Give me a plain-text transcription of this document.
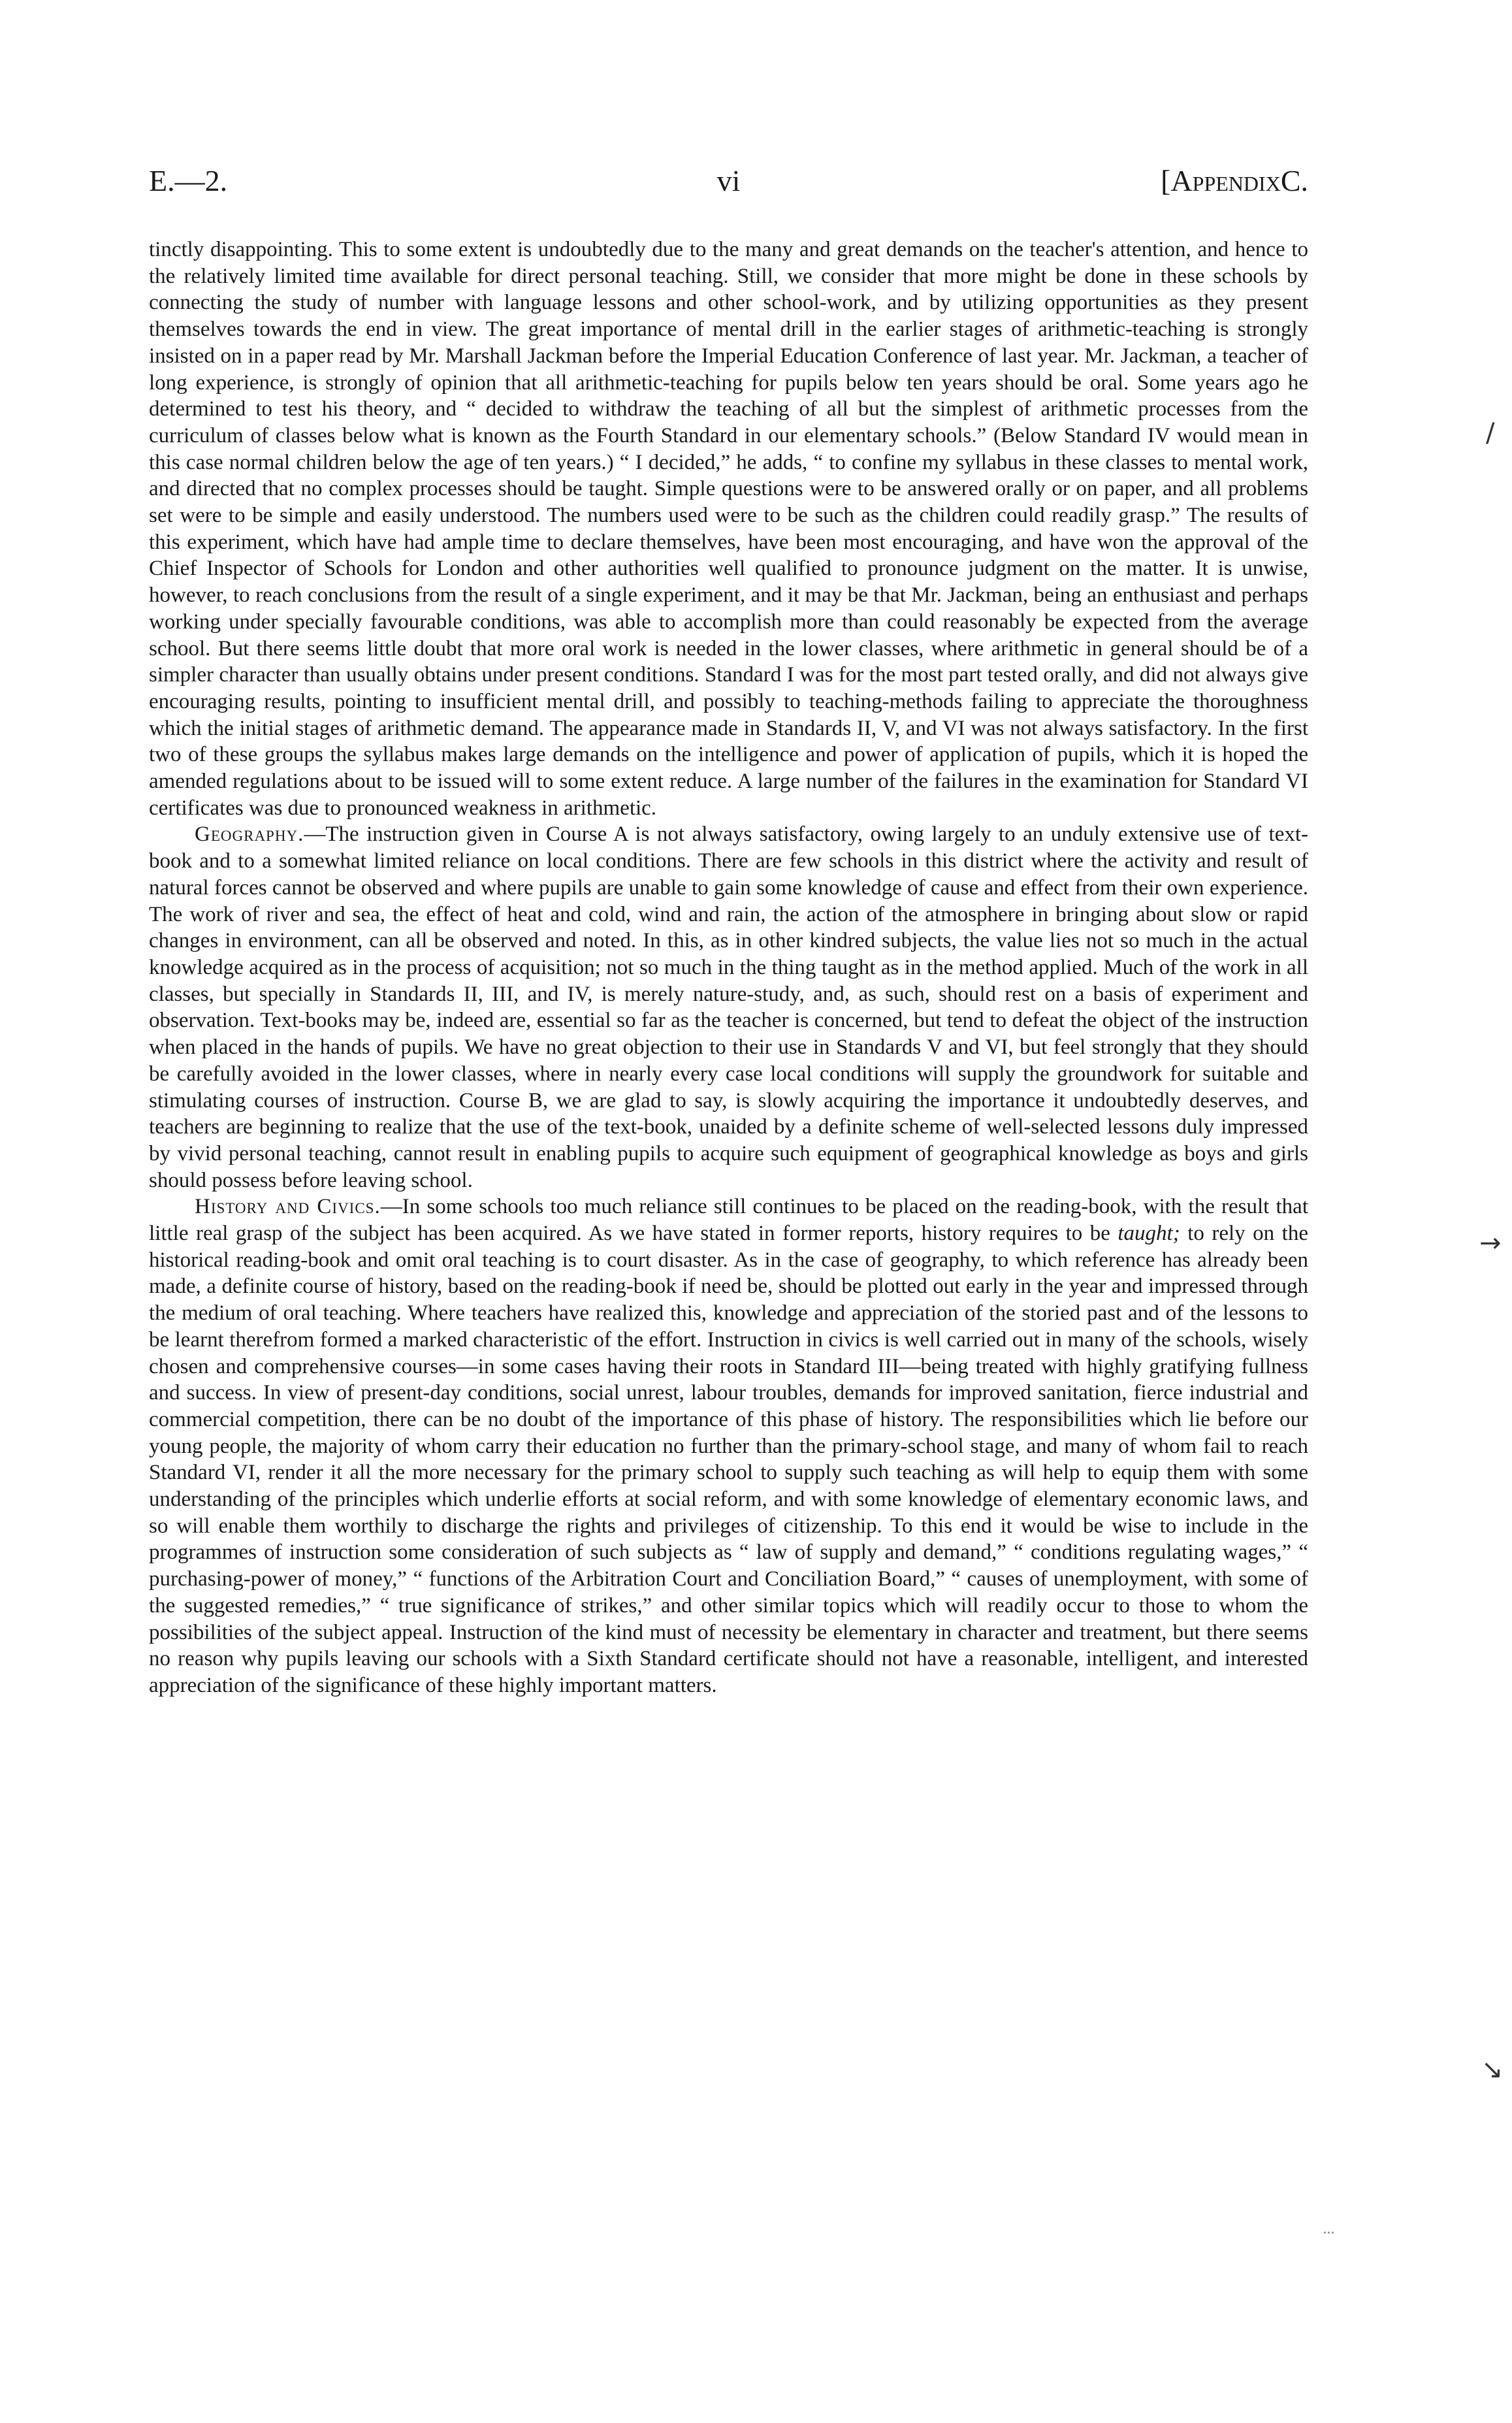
E.—2.	vi	[AppendixC.

tinctly disappointing. This to some extent is undoubtedly due to the many and great demands on the teacher's attention, and hence to the relatively limited time available for direct personal teaching. Still, we consider that more might be done in these schools by connecting the study of number with language lessons and other school-work, and by utilizing opportunities as they present themselves towards the end in view. The great importance of mental drill in the earlier stages of arithmetic-teaching is strongly insisted on in a paper read by Mr. Marshall Jackman before the Imperial Education Conference of last year. Mr. Jackman, a teacher of long experience, is strongly of opinion that all arithmetic-teaching for pupils below ten years should be oral. Some years ago he determined to test his theory, and “ decided to withdraw the teaching of all but the simplest of arithmetic processes from the curriculum of classes below what is known as the Fourth Standard in our elementary schools.” (Below Standard IV would mean in this case normal children below the age of ten years.) “ I decided,” he adds, “ to confine my syllabus in these classes to mental work, and directed that no complex processes should be taught. Simple questions were to be answered orally or on paper, and all problems set were to be simple and easily understood. The numbers used were to be such as the children could readily grasp.” The results of this experiment, which have had ample time to declare themselves, have been most encouraging, and have won the approval of the Chief Inspector of Schools for London and other authorities well qualified to pronounce judgment on the matter. It is unwise, however, to reach conclusions from the result of a single experiment, and it may be that Mr. Jackman, being an enthusiast and perhaps working under specially favourable conditions, was able to accomplish more than could reasonably be expected from the average school. But there seems little doubt that more oral work is needed in the lower classes, where arithmetic in general should be of a simpler character than usually obtains under present conditions. Standard I was for the most part tested orally, and did not always give encouraging results, pointing to insufficient mental drill, and possibly to teaching-methods failing to appreciate the thoroughness which the initial stages of arithmetic demand. The appearance made in Standards II, V, and VI was not always satisfactory. In the first two of these groups the syllabus makes large demands on the intelligence and power of application of pupils, which it is hoped the amended regulations about to be issued will to some extent reduce. A large number of the failures in the examination for Standard VI certificates was due to pronounced weakness in arithmetic.

Geography.—The instruction given in Course A is not always satisfactory, owing largely to an unduly extensive use of text-book and to a somewhat limited reliance on local conditions. There are few schools in this district where the activity and result of natural forces cannot be observed and where pupils are unable to gain some knowledge of cause and effect from their own experience. The work of river and sea, the effect of heat and cold, wind and rain, the action of the atmosphere in bringing about slow or rapid changes in environment, can all be observed and noted. In this, as in other kindred subjects, the value lies not so much in the actual knowledge acquired as in the process of acquisition; not so much in the thing taught as in the method applied. Much of the work in all classes, but specially in Standards II, III, and IV, is merely nature-study, and, as such, should rest on a basis of experiment and observation. Text-books may be, indeed are, essential so far as the teacher is concerned, but tend to defeat the object of the instruction when placed in the hands of pupils. We have no great objection to their use in Standards V and VI, but feel strongly that they should be carefully avoided in the lower classes, where in nearly every case local conditions will supply the groundwork for suitable and stimulating courses of instruction. Course B, we are glad to say, is slowly acquiring the importance it undoubtedly deserves, and teachers are beginning to realize that the use of the text-book, unaided by a definite scheme of well-selected lessons duly impressed by vivid personal teaching, cannot result in enabling pupils to acquire such equipment of geographical knowledge as boys and girls should possess before leaving school.

History and Civics.—In some schools too much reliance still continues to be placed on the reading-book, with the result that little real grasp of the subject has been acquired. As we have stated in former reports, history requires to be taught; to rely on the historical reading-book and omit oral teaching is to court disaster. As in the case of geography, to which reference has already been made, a definite course of history, based on the reading-book if need be, should be plotted out early in the year and impressed through the medium of oral teaching. Where teachers have realized this, knowledge and appreciation of the storied past and of the lessons to be learnt therefrom formed a marked characteristic of the effort. Instruction in civics is well carried out in many of the schools, wisely chosen and comprehensive courses—in some cases having their roots in Standard III—being treated with highly gratifying fullness and success. In view of present-day conditions, social unrest, labour troubles, demands for improved sanitation, fierce industrial and commercial competition, there can be no doubt of the importance of this phase of history. The responsibilities which lie before our young people, the majority of whom carry their education no further than the primary-school stage, and many of whom fail to reach Standard VI, render it all the more necessary for the primary school to supply such teaching as will help to equip them with some understanding of the principles which underlie efforts at social reform, and with some knowledge of elementary economic laws, and so will enable them worthily to discharge the rights and privileges of citizenship. To this end it would be wise to include in the programmes of instruction some consideration of such subjects as “ law of supply and demand,” “ conditions regulating wages,” “ purchasing-power of money,” “ functions of the Arbitration Court and Conciliation Board,” “ causes of unemployment, with some of the suggested remedies,” “ true significance of strikes,” and other similar topics which will readily occur to those to whom the possibilities of the subject appeal. Instruction of the kind must of necessity be elementary in character and treatment, but there seems no reason why pupils leaving our schools with a Sixth Standard certificate should not have a reasonable, intelligent, and interested appreciation of the significance of these highly important matters.

/
→
↘
...
